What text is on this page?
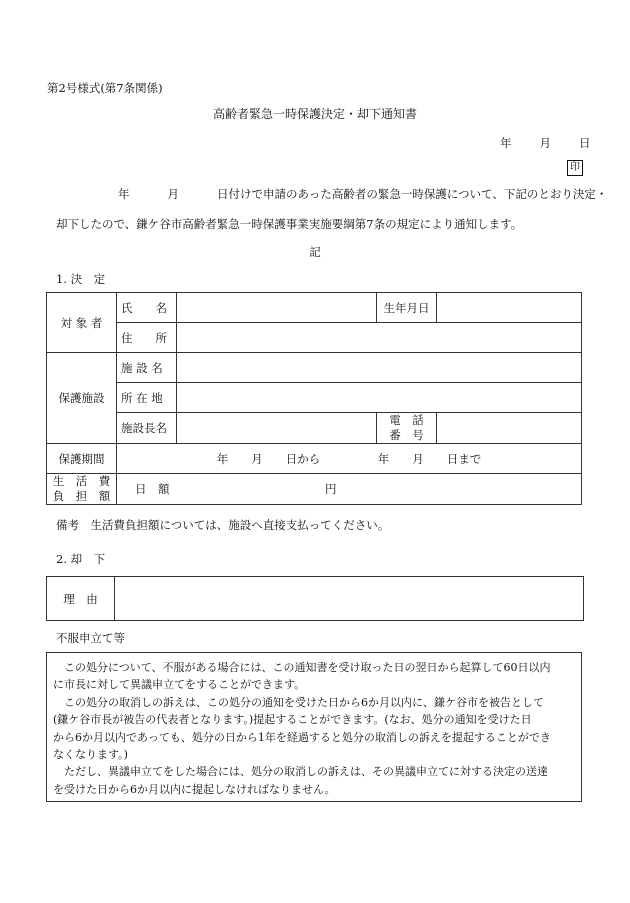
第2号様式(第7条関係)
高齢者緊急一時保護決定・却下通知書
年 月 日
印
年	月	日付けで申請のあった高齢者の緊急一時保護について、下記のとおり決定・
却下したので、鎌ケ谷市高齢者緊急一時保護事業実施要綱第7条の規定により通知します。
記
1. 決　定
対 象 者	氏　　名		生年月日	
	住　　所			
保護施設	施 設 名			
	所 在 地			
	施設長名		電　話
番　号	
保護期間	年　　月　　日から　　　　　年　　月　　日まで			
生　活　費
負　担　額	日　額 円			
備考　生活費負担額については、施設へ直接支払ってください。
2. 却　下
理　由	
不服申立て等

　この処分について、不服がある場合には、この通知書を受け取った日の翌日から起算して60日以内

に市長に対して異議申立てをすることができます。

　この処分の取消しの訴えは、この処分の通知を受けた日から6か月以内に、鎌ケ谷市を被告として

(鎌ケ谷市長が被告の代表者となります。)提起することができます。(なお、処分の通知を受けた日

から6か月以内であっても、処分の日から1年を経過すると処分の取消しの訴えを提起することができ

なくなります。)

　ただし、異議申立てをした場合には、処分の取消しの訴えは、その異議申立てに対する決定の送達

を受けた日から6か月以内に提起しなければなりません。
